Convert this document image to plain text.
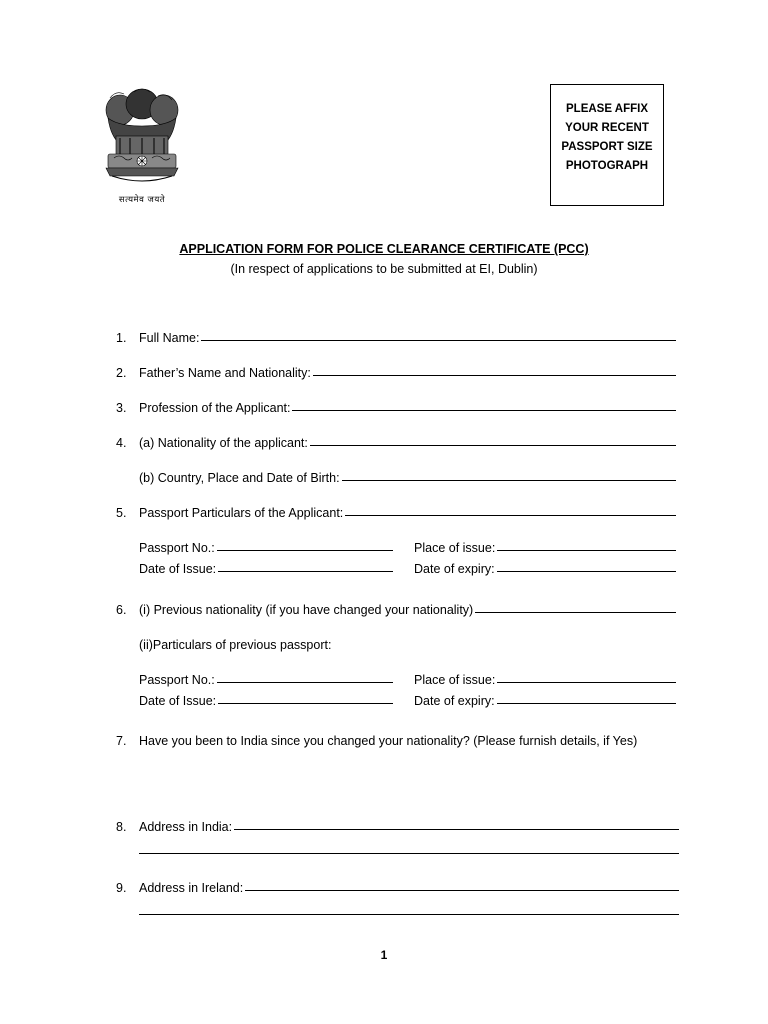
सत्यमेव जयते
PLEASE AFFIX
YOUR RECENT
PASSPORT SIZE
PHOTOGRAPH
APPLICATION FORM FOR POLICE CLEARANCE CERTIFICATE (PCC)
(In respect of applications to be submitted at EI, Dublin)
1.	Full Name:
2.	Father’s Name and Nationality:
3.	Profession of the Applicant:
4.	(a) Nationality of the applicant:
(b) Country, Place and Date of Birth:
5.	Passport Particulars of the Applicant:
Passport No.:	Place of issue:
Date of Issue:	Date of expiry:
6.	(i) Previous nationality (if you have changed your nationality)
(ii)Particulars of previous passport:
Passport No.:	Place of issue:
Date of Issue:	Date of expiry:
7.	Have you been to India since you changed your nationality? (Please furnish details, if Yes)
8.	Address in India:
9.	Address in Ireland:
1
